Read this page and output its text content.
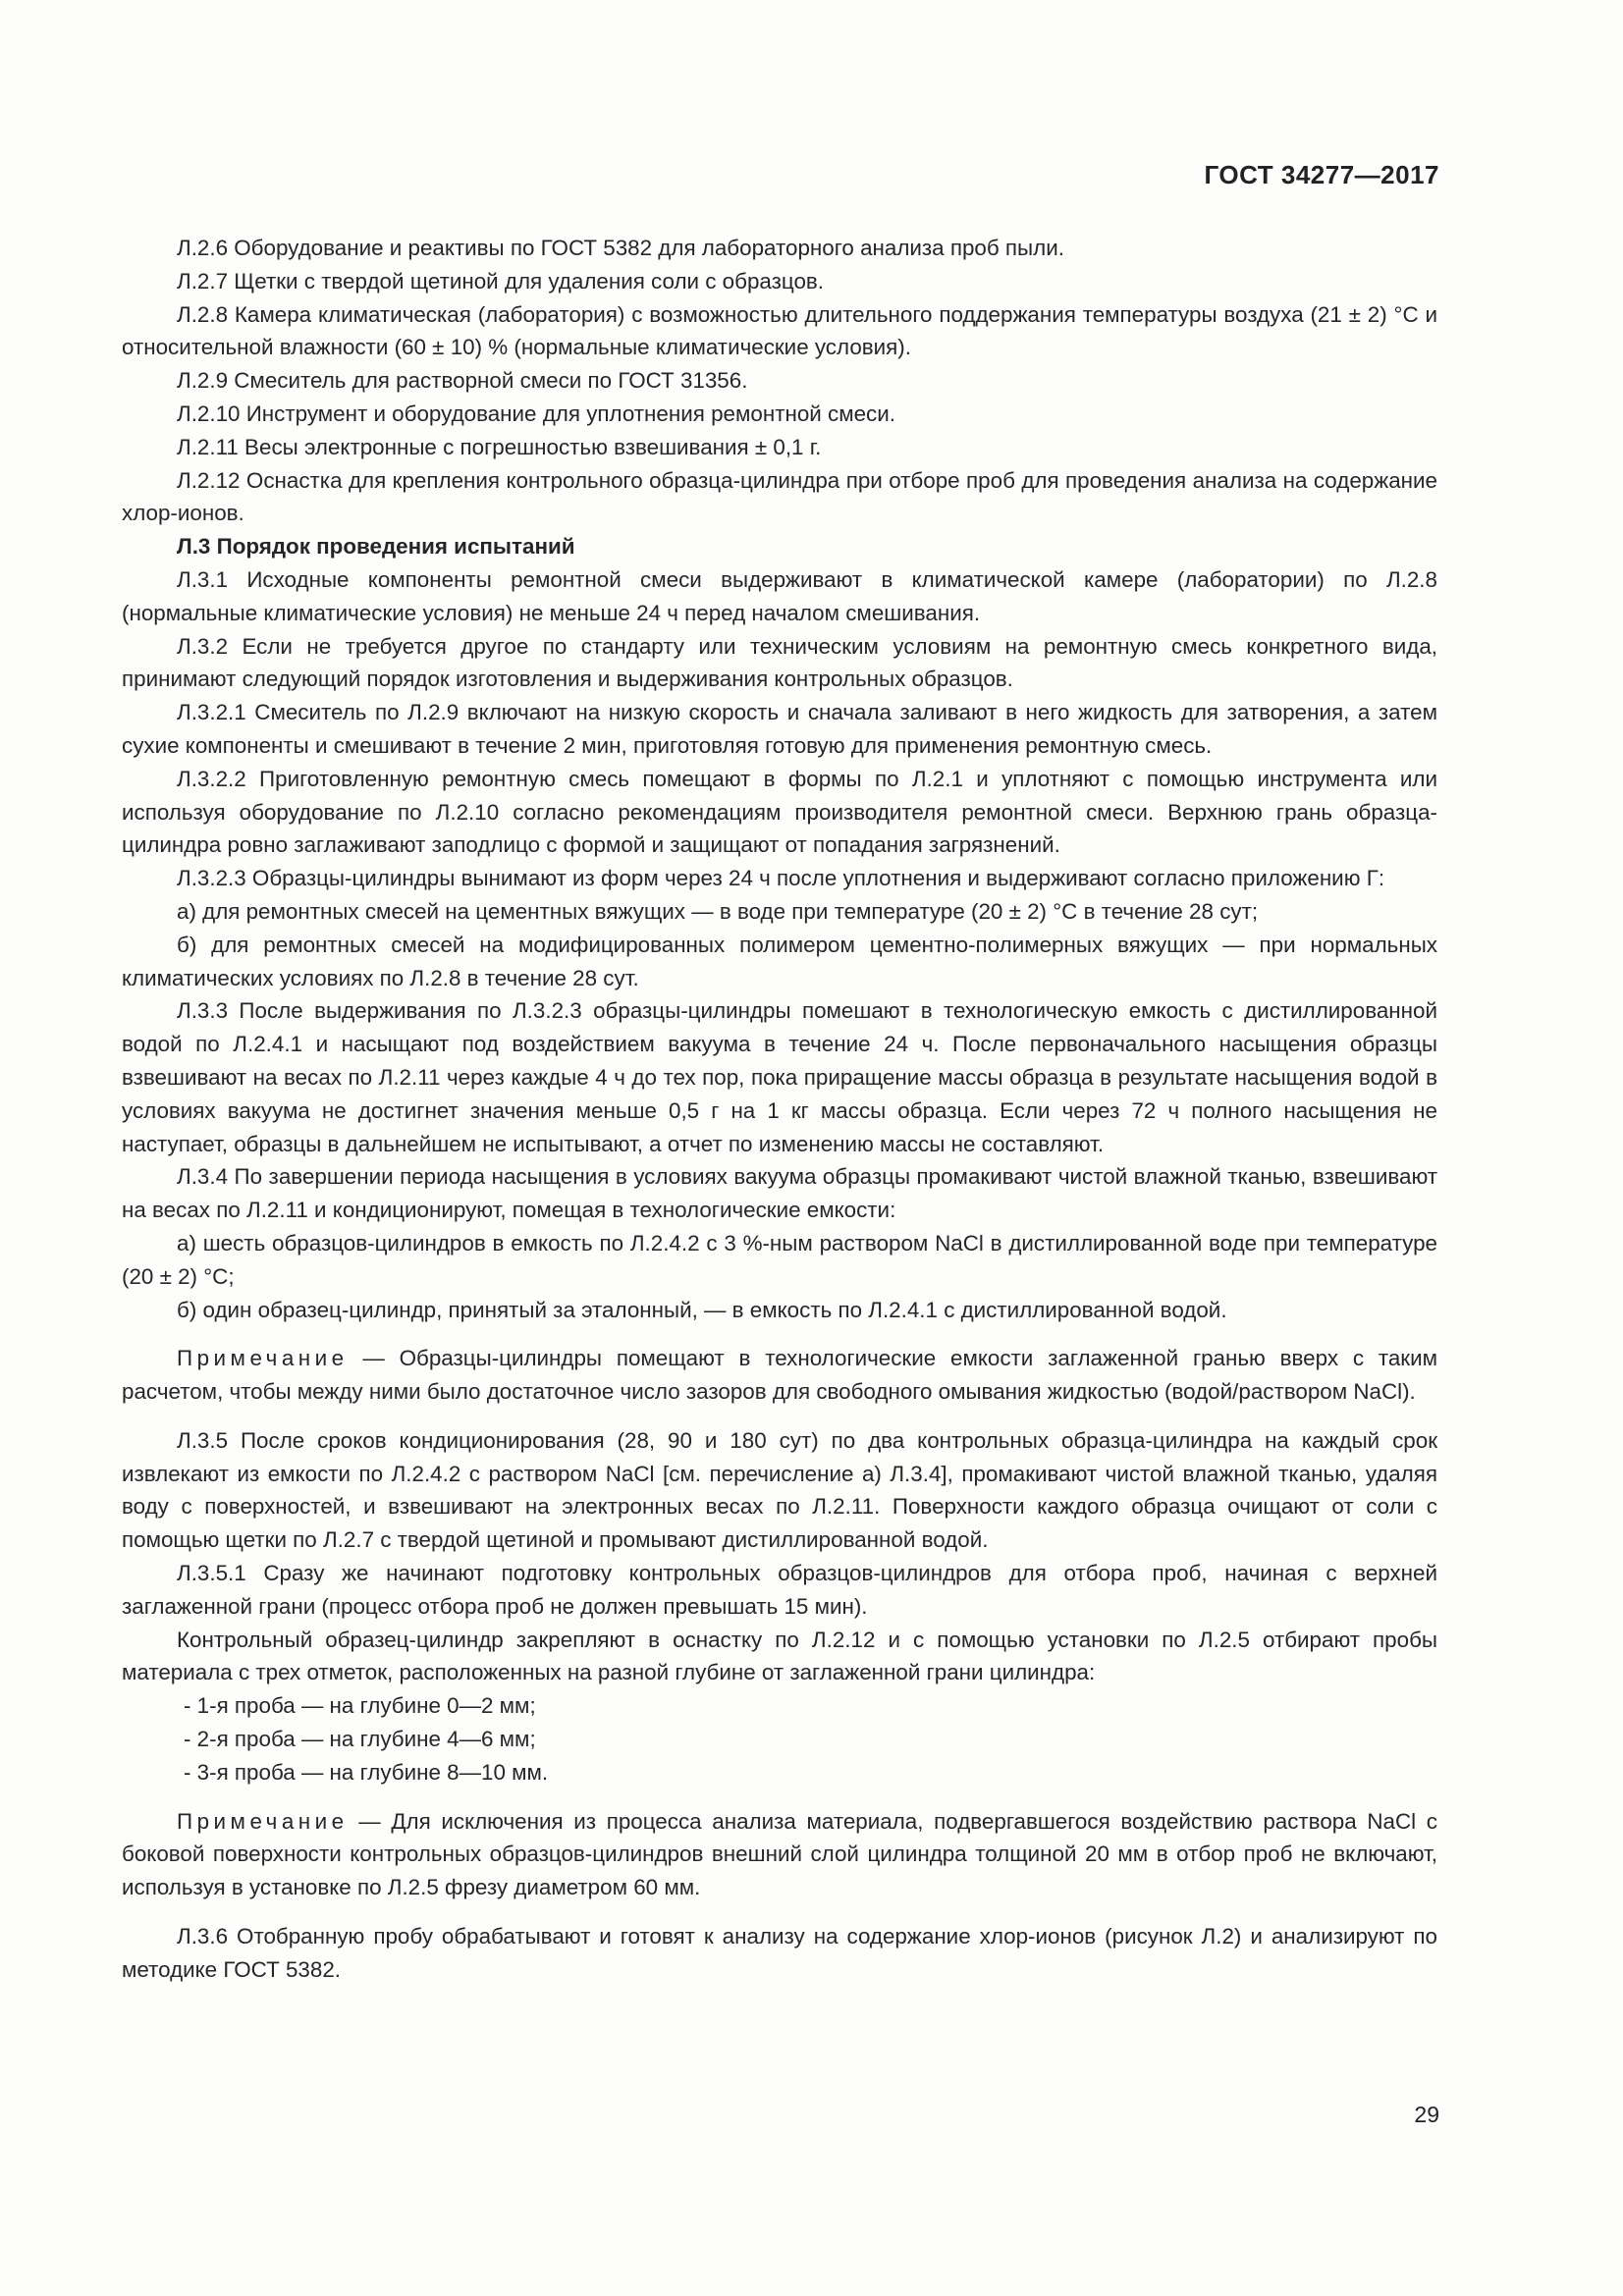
ГОСТ 34277—2017

Л.2.6 Оборудование и реактивы по ГОСТ 5382 для лабораторного анализа проб пыли.

Л.2.7 Щетки с твердой щетиной для удаления соли с образцов.

Л.2.8 Камера климатическая (лаборатория) с возможностью длительного поддержания температуры воздуха (21 ± 2) °С и относительной влажности (60 ± 10) % (нормальные климатические условия).

Л.2.9 Смеситель для растворной смеси по ГОСТ 31356.

Л.2.10 Инструмент и оборудование для уплотнения ремонтной смеси.

Л.2.11 Весы электронные с погрешностью взвешивания ± 0,1 г.

Л.2.12 Оснастка для крепления контрольного образца-цилиндра при отборе проб для проведения анализа на содержание хлор-ионов.

Л.3 Порядок проведения испытаний

Л.3.1 Исходные компоненты ремонтной смеси выдерживают в климатической камере (лаборатории) по Л.2.8 (нормальные климатические условия) не меньше 24 ч перед началом смешивания.

Л.3.2 Если не требуется другое по стандарту или техническим условиям на ремонтную смесь конкретного вида, принимают следующий порядок изготовления и выдерживания контрольных образцов.

Л.3.2.1 Смеситель по Л.2.9 включают на низкую скорость и сначала заливают в него жидкость для затворения, а затем сухие компоненты и смешивают в течение 2 мин, приготовляя готовую для применения ремонтную смесь.

Л.3.2.2 Приготовленную ремонтную смесь помещают в формы по Л.2.1 и уплотняют с помощью инструмента или используя оборудование по Л.2.10 согласно рекомендациям производителя ремонтной смеси. Верхнюю грань образца-цилиндра ровно заглаживают заподлицо с формой и защищают от попадания загрязнений.

Л.3.2.3 Образцы-цилиндры вынимают из форм через 24 ч после уплотнения и выдерживают согласно приложению Г:

а) для ремонтных смесей на цементных вяжущих — в воде при температуре (20 ± 2) °С в течение 28 сут;

б) для ремонтных смесей на модифицированных полимером цементно-полимерных вяжущих — при нормальных климатических условиях по Л.2.8 в течение 28 сут.

Л.3.3 После выдерживания по Л.3.2.3 образцы-цилиндры помешают в технологическую емкость с дистиллированной водой по Л.2.4.1 и насыщают под воздействием вакуума в течение 24 ч. После первоначального насыщения образцы взвешивают на весах по Л.2.11 через каждые 4 ч до тех пор, пока приращение массы образца в результате насыщения водой в условиях вакуума не достигнет значения меньше 0,5 г на 1 кг массы образца. Если через 72 ч полного насыщения не наступает, образцы в дальнейшем не испытывают, а отчет по изменению массы не составляют.

Л.3.4 По завершении периода насыщения в условиях вакуума образцы промакивают чистой влажной тканью, взвешивают на весах по Л.2.11 и кондиционируют, помещая в технологические емкости:

а) шесть образцов-цилиндров в емкость по Л.2.4.2 с 3 %-ным раствором NaCl в дистиллированной воде при температуре (20 ± 2) °С;

б) один образец-цилиндр, принятый за эталонный, — в емкость по Л.2.4.1 с дистиллированной водой.

Примечание — Образцы-цилиндры помещают в технологические емкости заглаженной гранью вверх с таким расчетом, чтобы между ними было достаточное число зазоров для свободного омывания жидкостью (водой/раствором NaCl).

Л.3.5 После сроков кондиционирования (28, 90 и 180 сут) по два контрольных образца-цилиндра на каждый срок извлекают из емкости по Л.2.4.2 с раствором NaCl [см. перечисление а) Л.3.4], промакивают чистой влажной тканью, удаляя воду с поверхностей, и взвешивают на электронных весах по Л.2.11. Поверхности каждого образца очищают от соли с помощью щетки по Л.2.7 с твердой щетиной и промывают дистиллированной водой.

Л.3.5.1 Сразу же начинают подготовку контрольных образцов-цилиндров для отбора проб, начиная с верхней заглаженной грани (процесс отбора проб не должен превышать 15 мин).

Контрольный образец-цилиндр закрепляют в оснастку по Л.2.12 и с помощью установки по Л.2.5 отбирают пробы материала с трех отметок, расположенных на разной глубине от заглаженной грани цилиндра:

- 1-я проба — на глубине 0—2 мм;

- 2-я проба — на глубине 4—6 мм;

- 3-я проба — на глубине 8—10 мм.

Примечание — Для исключения из процесса анализа материала, подвергавшегося воздействию раствора NaCl с боковой поверхности контрольных образцов-цилиндров внешний слой цилиндра толщиной 20 мм в отбор проб не включают, используя в установке по Л.2.5 фрезу диаметром 60 мм.

Л.3.6 Отобранную пробу обрабатывают и готовят к анализу на содержание хлор-ионов (рисунок Л.2) и анализируют по методике ГОСТ 5382.

29
